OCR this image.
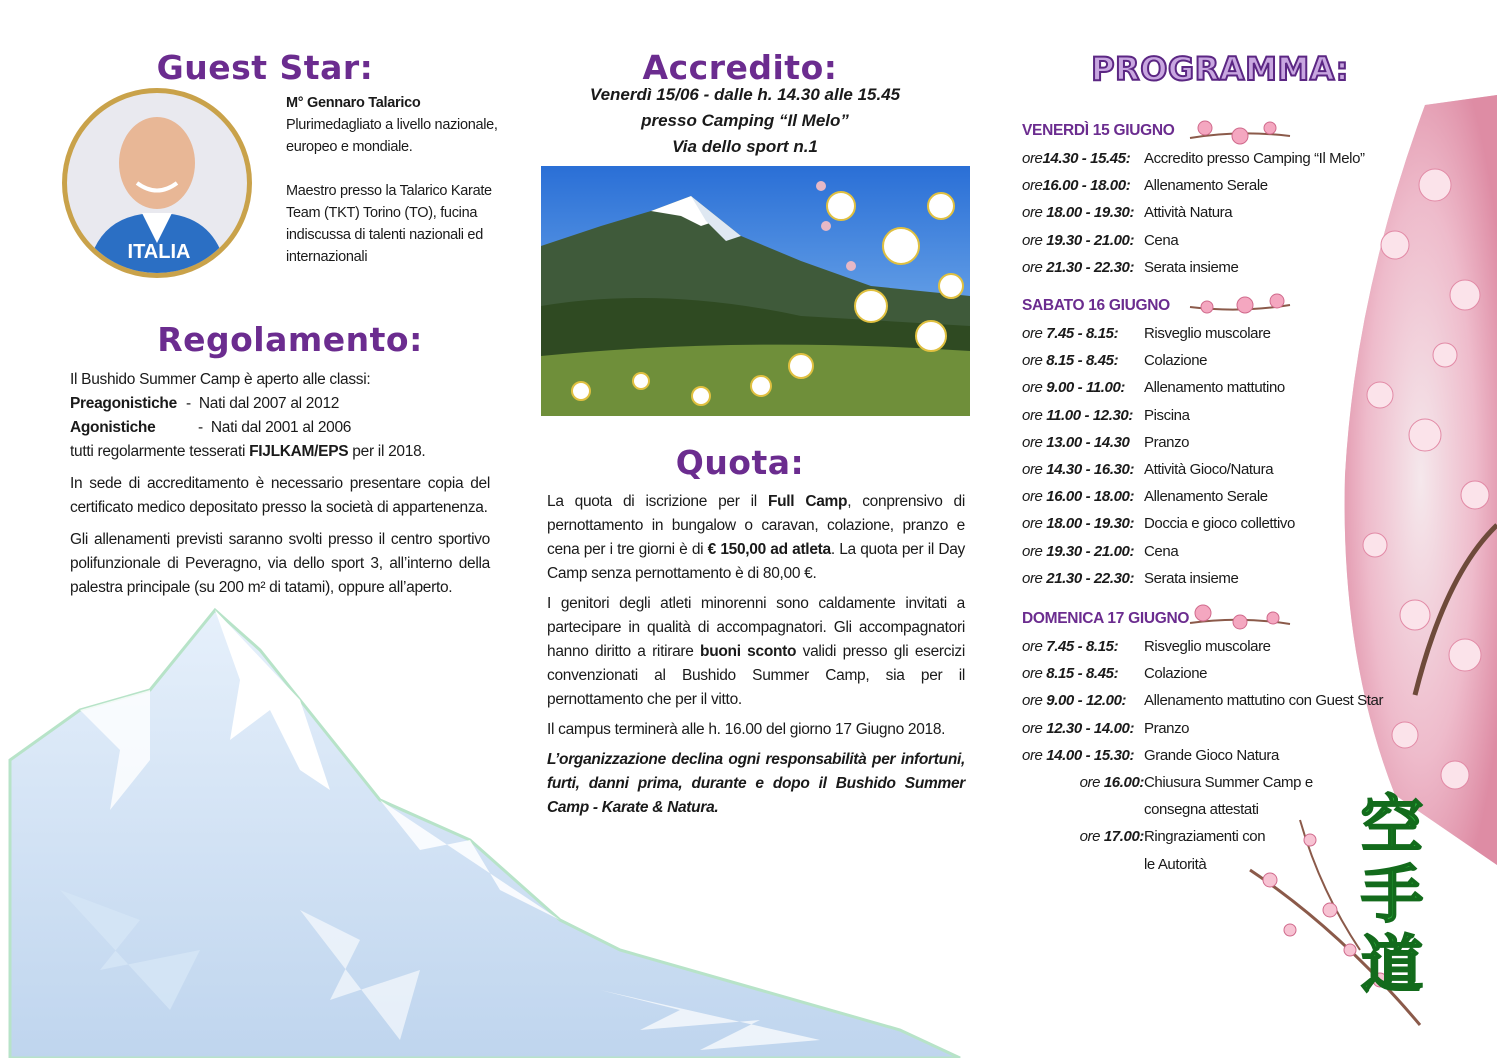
Guest Star:
ITALIA
M° Gennaro Talarico
Plurimedagliato a livello nazionale, europeo e mondiale.
Maestro presso la Talarico Karate Team (TKT) Torino (TO), fucina indiscussa di talenti nazionali ed internazionali
Regolamento:
Il Bushido Summer Camp è aperto alle classi:
Preagonistiche - Nati dal 2007 al 2012
Agonistiche	- Nati dal 2001 al 2006
tutti regolarmente tesserati FIJLKAM/EPS per il 2018.
In sede di accreditamento è necessario presentare copia del certificato medico depositato presso la società di appartenenza.
Gli allenamenti previsti saranno svolti presso il centro sportivo polifunzionale di Peveragno, via dello sport 3, all’interno della palestra principale (su 200 m² di tatami), oppure all’aperto.
Accredito:
Venerdì 15/06 - dalle h. 14.30 alle 15.45
presso Camping “Il Melo”
Via dello sport n.1
Quota:

La quota di iscrizione per il Full Camp, conprensivo di pernottamento in bungalow o caravan, colazione, pranzo e cena per i tre giorni è di € 150,00 ad atleta. La quota per il Day Camp senza pernottamento è di 80,00 €.

I genitori degli atleti minorenni sono caldamente invitati a partecipare in qualità di accompagnatori. Gli accompagnatori hanno diritto a ritirare buoni sconto validi presso gli esercizi convenzionati al Bushido Summer Camp, sia per il pernottamento che per il vitto.

Il campus terminerà alle h. 16.00 del giorno 17 Giugno 2018.

L’organizzazione declina ogni responsabilità per infortuni, furti, danni prima, durante e dopo il Bushido Summer Camp - Karate & Natura.

PROGRAMMA:
VENERDÌ 15 GIUGNO
SABATO 16 GIUGNO
DOMENICA 17 GIUGNO
ore14.30 - 15.45: Accredito presso Camping “Il Melo”
ore16.00 - 18.00: Allenamento Serale
ore 18.00 - 19.30: Attività Natura
ore 19.30 - 21.00: Cena
ore 21.30 - 22.30: Serata insieme
ore 7.45 - 8.15: Risveglio muscolare
ore 8.15 - 8.45: Colazione
ore 9.00 - 11.00: Allenamento mattutino
ore 11.00 - 12.30: Piscina
ore 13.00 - 14.30 Pranzo
ore 14.30 - 16.30: Attività Gioco/Natura
ore 16.00 - 18.00: Allenamento Serale
ore 18.00 - 19.30: Doccia e gioco collettivo
ore 19.30 - 21.00: Cena
ore 21.30 - 22.30: Serata insieme
ore 7.45 - 8.15: Risveglio muscolare
ore 8.15 - 8.45: Colazione
ore 9.00 - 12.00: Allenamento mattutino con Guest Star
ore 12.30 - 14.00: Pranzo
ore 14.00 - 15.30: Grande Gioco Natura
ore 16.00:Chiusura Summer Camp e
consegna attestati
ore 17.00:Ringraziamenti con
le Autorità
空
手
道
